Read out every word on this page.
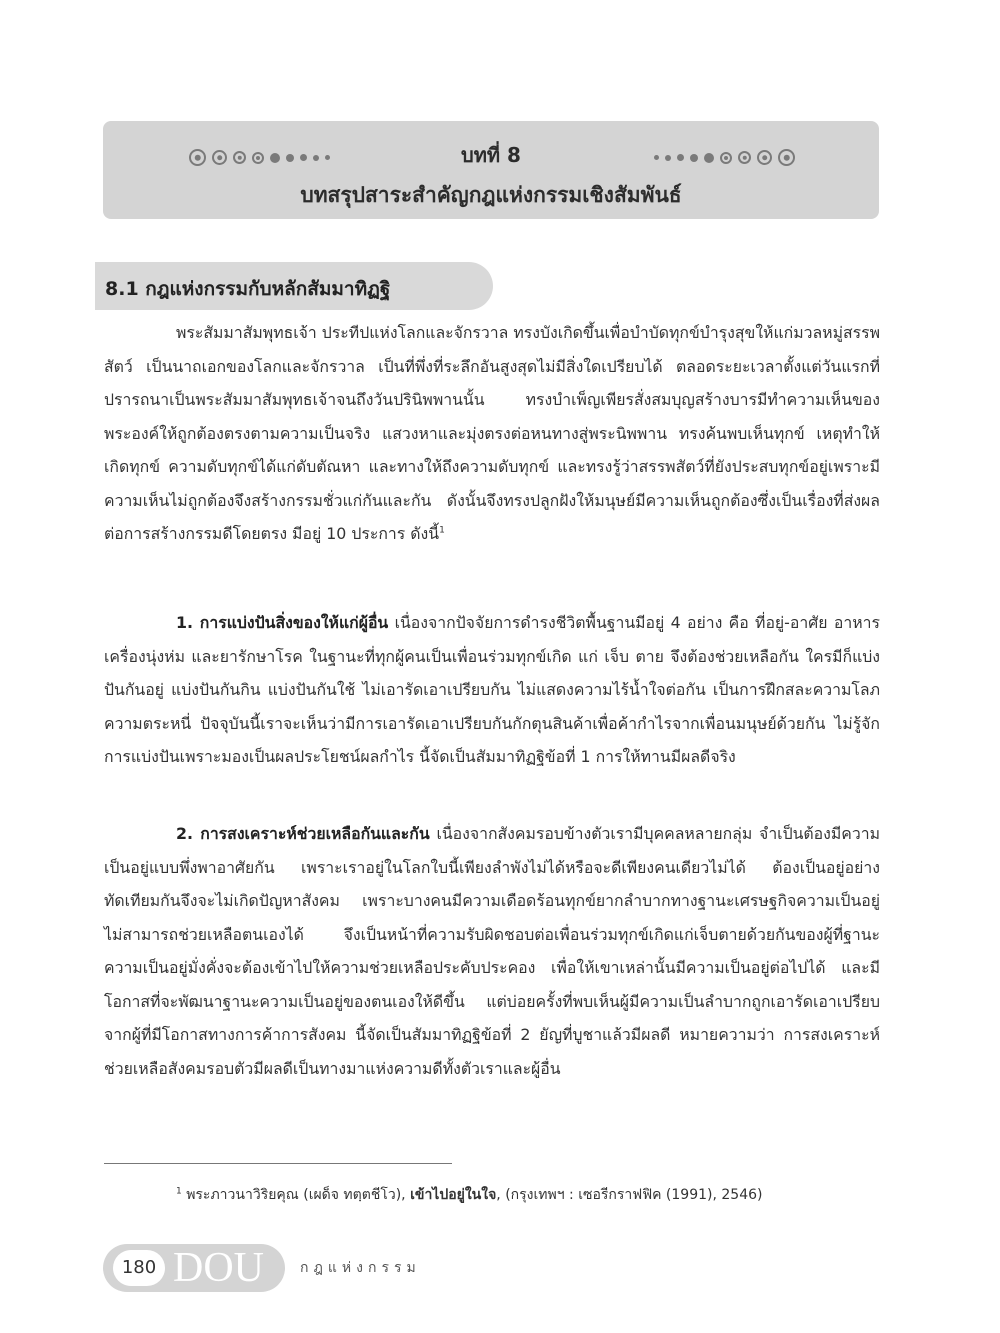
บทที่ 8
บทสรุปสาระสำคัญกฎแห่งกรรมเชิงสัมพันธ์
8.1 กฎแห่งกรรมกับหลักสัมมาทิฏฐิ

พระสัมมาสัมพุทธเจ้า ประทีปแห่งโลกและจักรวาล ทรงบังเกิดขึ้นเพื่อบำบัดทุกข์บำรุงสุขให้แก่มวลหมู่สรรพสัตว์ เป็นนาถเอกของโลกและจักรวาล เป็นที่พึ่งที่ระลึกอันสูงสุดไม่มีสิ่งใดเปรียบได้ ตลอดระยะเวลาตั้งแต่วันแรกที่ปรารถนาเป็นพระสัมมาสัมพุทธเจ้าจนถึงวันปรินิพพานนั้น ทรงบำเพ็ญเพียรสั่งสมบุญสร้างบารมีทำความเห็นของพระองค์ให้ถูกต้องตรงตามความเป็นจริง แสวงหาและมุ่งตรงต่อหนทางสู่พระนิพพาน ทรงค้นพบเห็นทุกข์ เหตุทำให้เกิดทุกข์ ความดับทุกข์ได้แก่ดับตัณหา และทางให้ถึงความดับทุกข์ และทรงรู้ว่าสรรพสัตว์ที่ยังประสบทุกข์อยู่เพราะมีความเห็นไม่ถูกต้องจึงสร้างกรรมชั่วแก่กันและกัน ดังนั้นจึงทรงปลูกฝังให้มนุษย์มีความเห็นถูกต้องซึ่งเป็นเรื่องที่ส่งผลต่อการสร้างกรรมดีโดยตรง มีอยู่ 10 ประการ ดังนี้$^1$

1. การแบ่งปันสิ่งของให้แก่ผู้อื่น เนื่องจากปัจจัยการดำรงชีวิตพื้นฐานมีอยู่ 4 อย่าง คือ ที่อยู่-อาศัย อาหาร เครื่องนุ่งห่ม และยารักษาโรค ในฐานะที่ทุกผู้คนเป็นเพื่อนร่วมทุกข์เกิด แก่ เจ็บ ตาย จึงต้องช่วยเหลือกัน ใครมีก็แบ่งปันกันอยู่ แบ่งปันกันกิน แบ่งปันกันใช้ ไม่เอารัดเอาเปรียบกัน ไม่แสดงความไร้น้ำใจต่อกัน เป็นการฝึกสละความโลภความตระหนี่ ปัจจุบันนี้เราจะเห็นว่ามีการเอารัดเอาเปรียบกันกักตุนสินค้าเพื่อค้ากำไรจากเพื่อนมนุษย์ด้วยกัน ไม่รู้จักการแบ่งปันเพราะมองเป็นผลประโยชน์ผลกำไร นี้จัดเป็นสัมมาทิฏฐิข้อที่ 1 การให้ทานมีผลดีจริง

2. การสงเคราะห์ช่วยเหลือกันและกัน เนื่องจากสังคมรอบข้างตัวเรามีบุคคลหลายกลุ่ม จำเป็นต้องมีความเป็นอยู่แบบพึ่งพาอาศัยกัน เพราะเราอยู่ในโลกใบนี้เพียงลำพังไม่ได้หรือจะดีเพียงคนเดียวไม่ได้ ต้องเป็นอยู่อย่างทัดเทียมกันจึงจะไม่เกิดปัญหาสังคม เพราะบางคนมีความเดือดร้อนทุกข์ยากลำบากทางฐานะเศรษฐกิจความเป็นอยู่ไม่สามารถช่วยเหลือตนเองได้ จึงเป็นหน้าที่ความรับผิดชอบต่อเพื่อนร่วมทุกข์เกิดแก่เจ็บตายด้วยกันของผู้ที่ฐานะความเป็นอยู่มั่งคั่งจะต้องเข้าไปให้ความช่วยเหลือประคับประคอง เพื่อให้เขาเหล่านั้นมีความเป็นอยู่ต่อไปได้ และมีโอกาสที่จะพัฒนาฐานะความเป็นอยู่ของตนเองให้ดีขึ้น แต่บ่อยครั้งที่พบเห็นผู้มีความเป็นลำบากถูกเอารัดเอาเปรียบจากผู้ที่มีโอกาสทางการค้าการสังคม นี้จัดเป็นสัมมาทิฏฐิข้อที่ 2 ยัญที่บูชาแล้วมีผลดี หมายความว่า การสงเคราะห์ช่วยเหลือสังคมรอบตัวมีผลดีเป็นทางมาแห่งความดีทั้งตัวเราและผู้อื่น

$^1$ พระภาวนาวิริยคุณ (เผด็จ ทตฺตชีโว), เข้าไปอยู่ในใจ, (กรุงเทพฯ : เซอรีกราฟฟิค (1991), 2546)
180 DOU	กฎแห่งกรรม
